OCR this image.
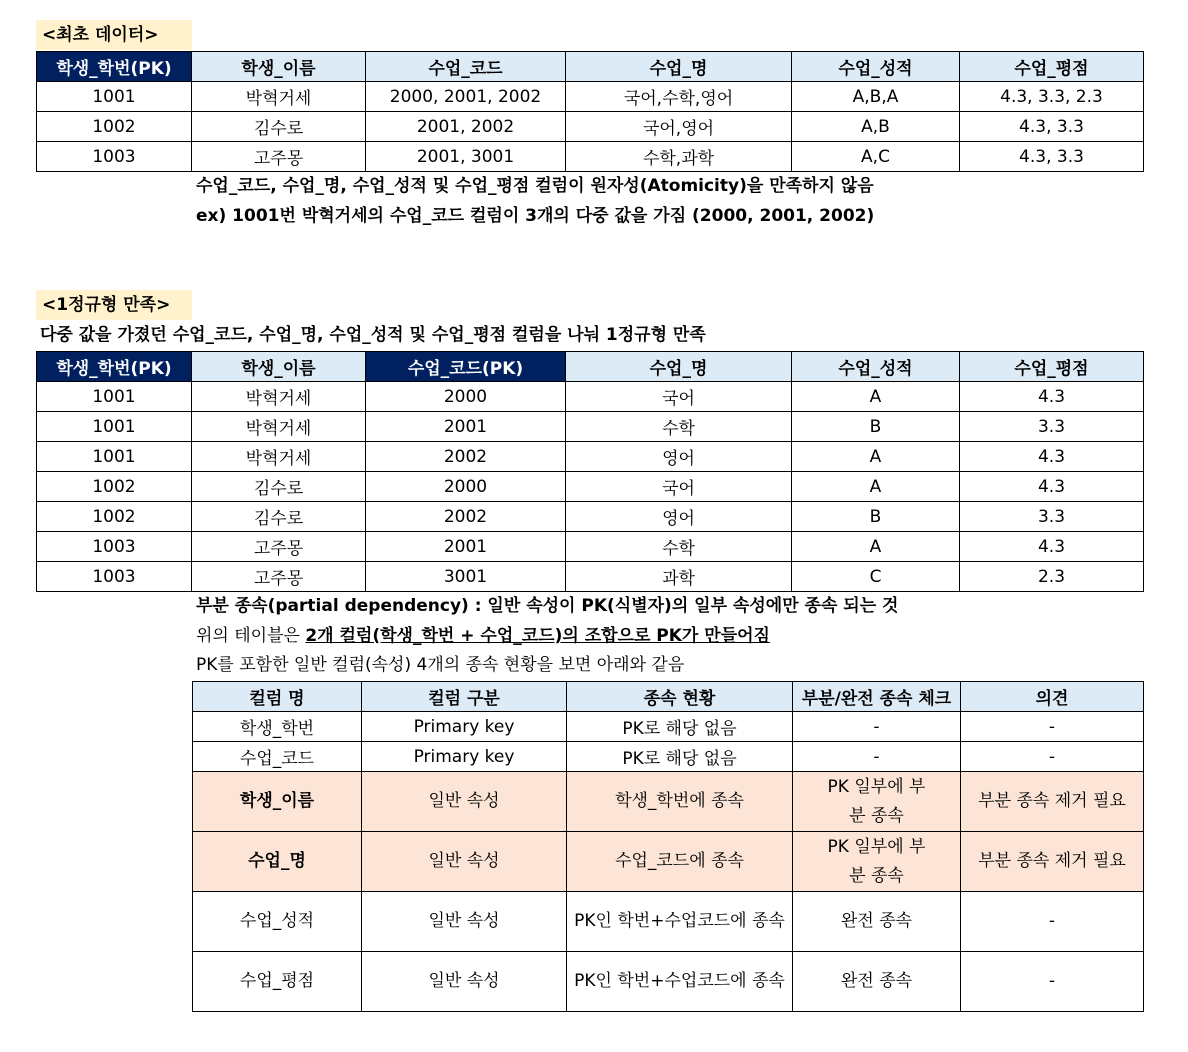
<최초 데이터>
학생_학번(PK)	학생_이름	수업_코드	수업_명	수업_성적	수업_평점
1001	박혁거세	2000, 2001, 2002	국어,수학,영어	A,B,A	4.3, 3.3, 2.3
1002	김수로	2001, 2002	국어,영어	A,B	4.3, 3.3
1003	고주몽	2001, 3001	수학,과학	A,C	4.3, 3.3
수업_코드, 수업_명, 수업_성적 및 수업_평점 컬럼이 원자성(Atomicity)을 만족하지 않음
ex) 1001번 박혁거세의 수업_코드 컬럼이 3개의 다중 값을 가짐 (2000, 2001, 2002)
<1정규형 만족>
다중 값을 가졌던 수업_코드, 수업_명, 수업_성적 및 수업_평점 컬럼을 나눠 1정규형 만족
학생_학번(PK)	학생_이름	수업_코드(PK)	수업_명	수업_성적	수업_평점
1001	박혁거세	2000	국어	A	4.3
1001	박혁거세	2001	수학	B	3.3
1001	박혁거세	2002	영어	A	4.3
1002	김수로	2000	국어	A	4.3
1002	김수로	2002	영어	B	3.3
1003	고주몽	2001	수학	A	4.3
1003	고주몽	3001	과학	C	2.3
부분 종속(partial dependency) : 일반 속성이 PK(식별자)의 일부 속성에만 종속 되는 것
위의 테이블은 2개 컬럼(학생_학번 + 수업_코드)의 조합으로 PK가 만들어짐
PK를 포함한 일반 컬럼(속성) 4개의 종속 현황을 보면 아래와 같음
컬럼 명	컬럼 구분	종속 현황	부분/완전 종속 체크	의견
학생_학번	Primary key	PK로 해당 없음	-	-
수업_코드	Primary key	PK로 해당 없음	-	-
학생_이름	일반 속성	학생_학번에 종속	PK 일부에 부분 종속	부분 종속 제거 필요
수업_명	일반 속성	수업_코드에 종속	PK 일부에 부분 종속	부분 종속 제거 필요
수업_성적	일반 속성	PK인 학번+수업코드에 종속	완전 종속	-
수업_평점	일반 속성	PK인 학번+수업코드에 종속	완전 종속	-
